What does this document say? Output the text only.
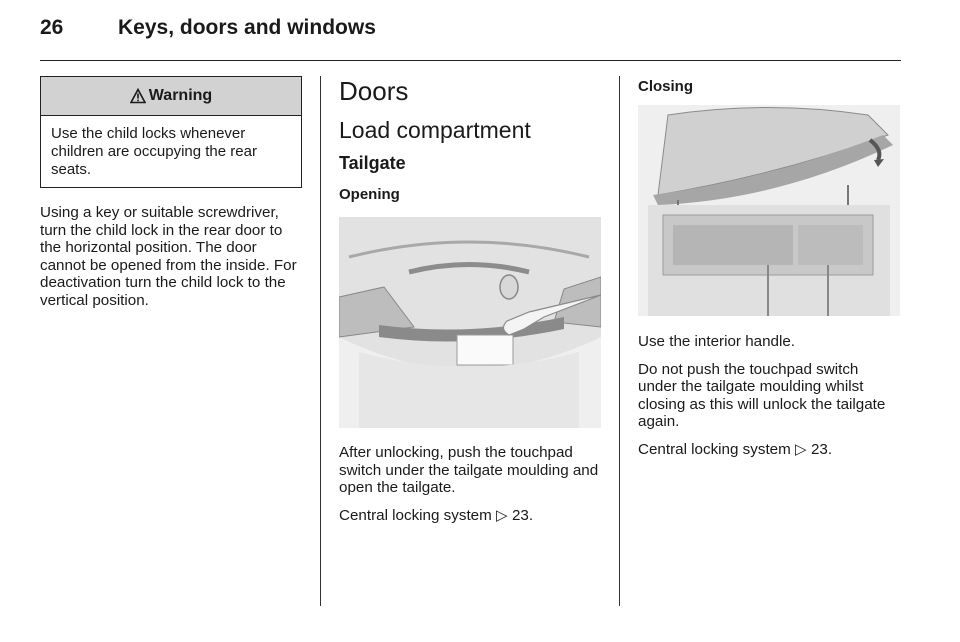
26	Keys, doors and windows
Warning
Use the child locks whenever children are occupying the rear seats.

Using a key or suitable screwdriver, turn the child lock in the rear door to the horizontal position. The door cannot be opened from the inside. For deactivation turn the child lock to the vertical position.

Doors
Load compartment
Tailgate
Opening

After unlocking, push the touchpad switch under the tailgate moulding and open the tailgate.

Central locking system ▷ 23.

Closing

Use the interior handle.

Do not push the touchpad switch under the tailgate moulding whilst closing as this will unlock the tailgate again.

Central locking system ▷ 23.
